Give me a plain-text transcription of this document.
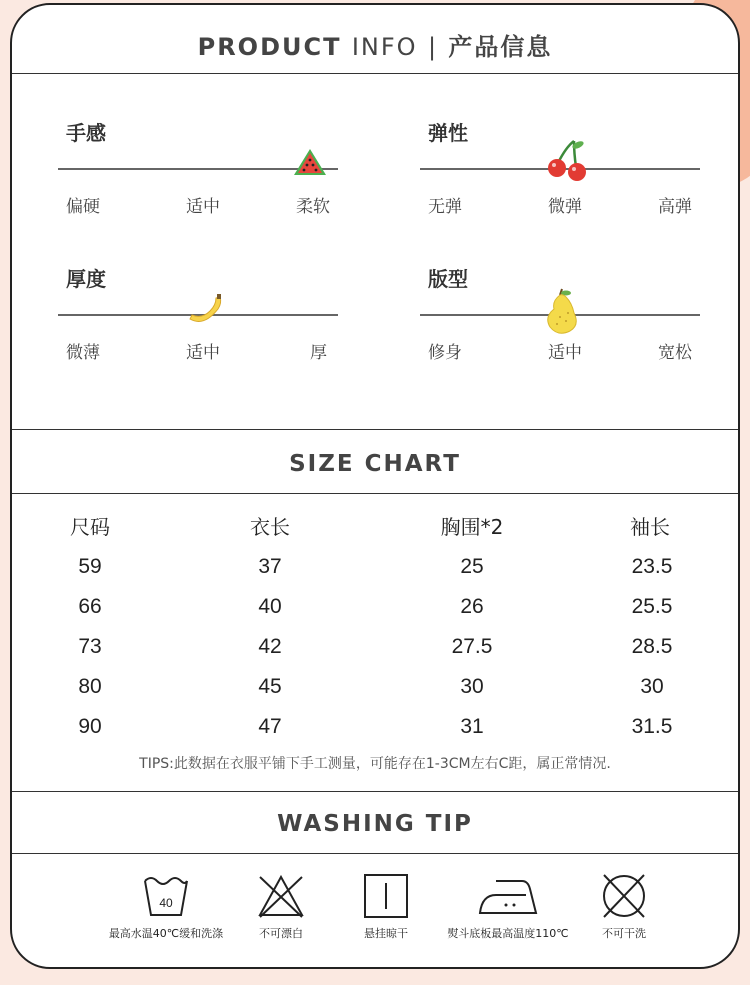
PRODUCT INFO | 产品信息
手感
偏硬	适中	柔软
弹性
无弹	微弹	高弹
厚度
微薄	适中	厚
版型
修身	适中	宽松
SIZE CHART
尺码	衣长	胸围*2	袖长
59	37	25	23.5
66	40	26	25.5
73	42	27.5	28.5
80	45	30	30
90	47	31	31.5
TIPS:此数据在衣服平铺下手工测量，可能存在1-3CM左右C距，属正常情况.
WASHING TIP
40
最高水温40℃缓和洗涤	不可漂白	悬挂晾干	熨斗底板最高温度110℃	不可干洗
